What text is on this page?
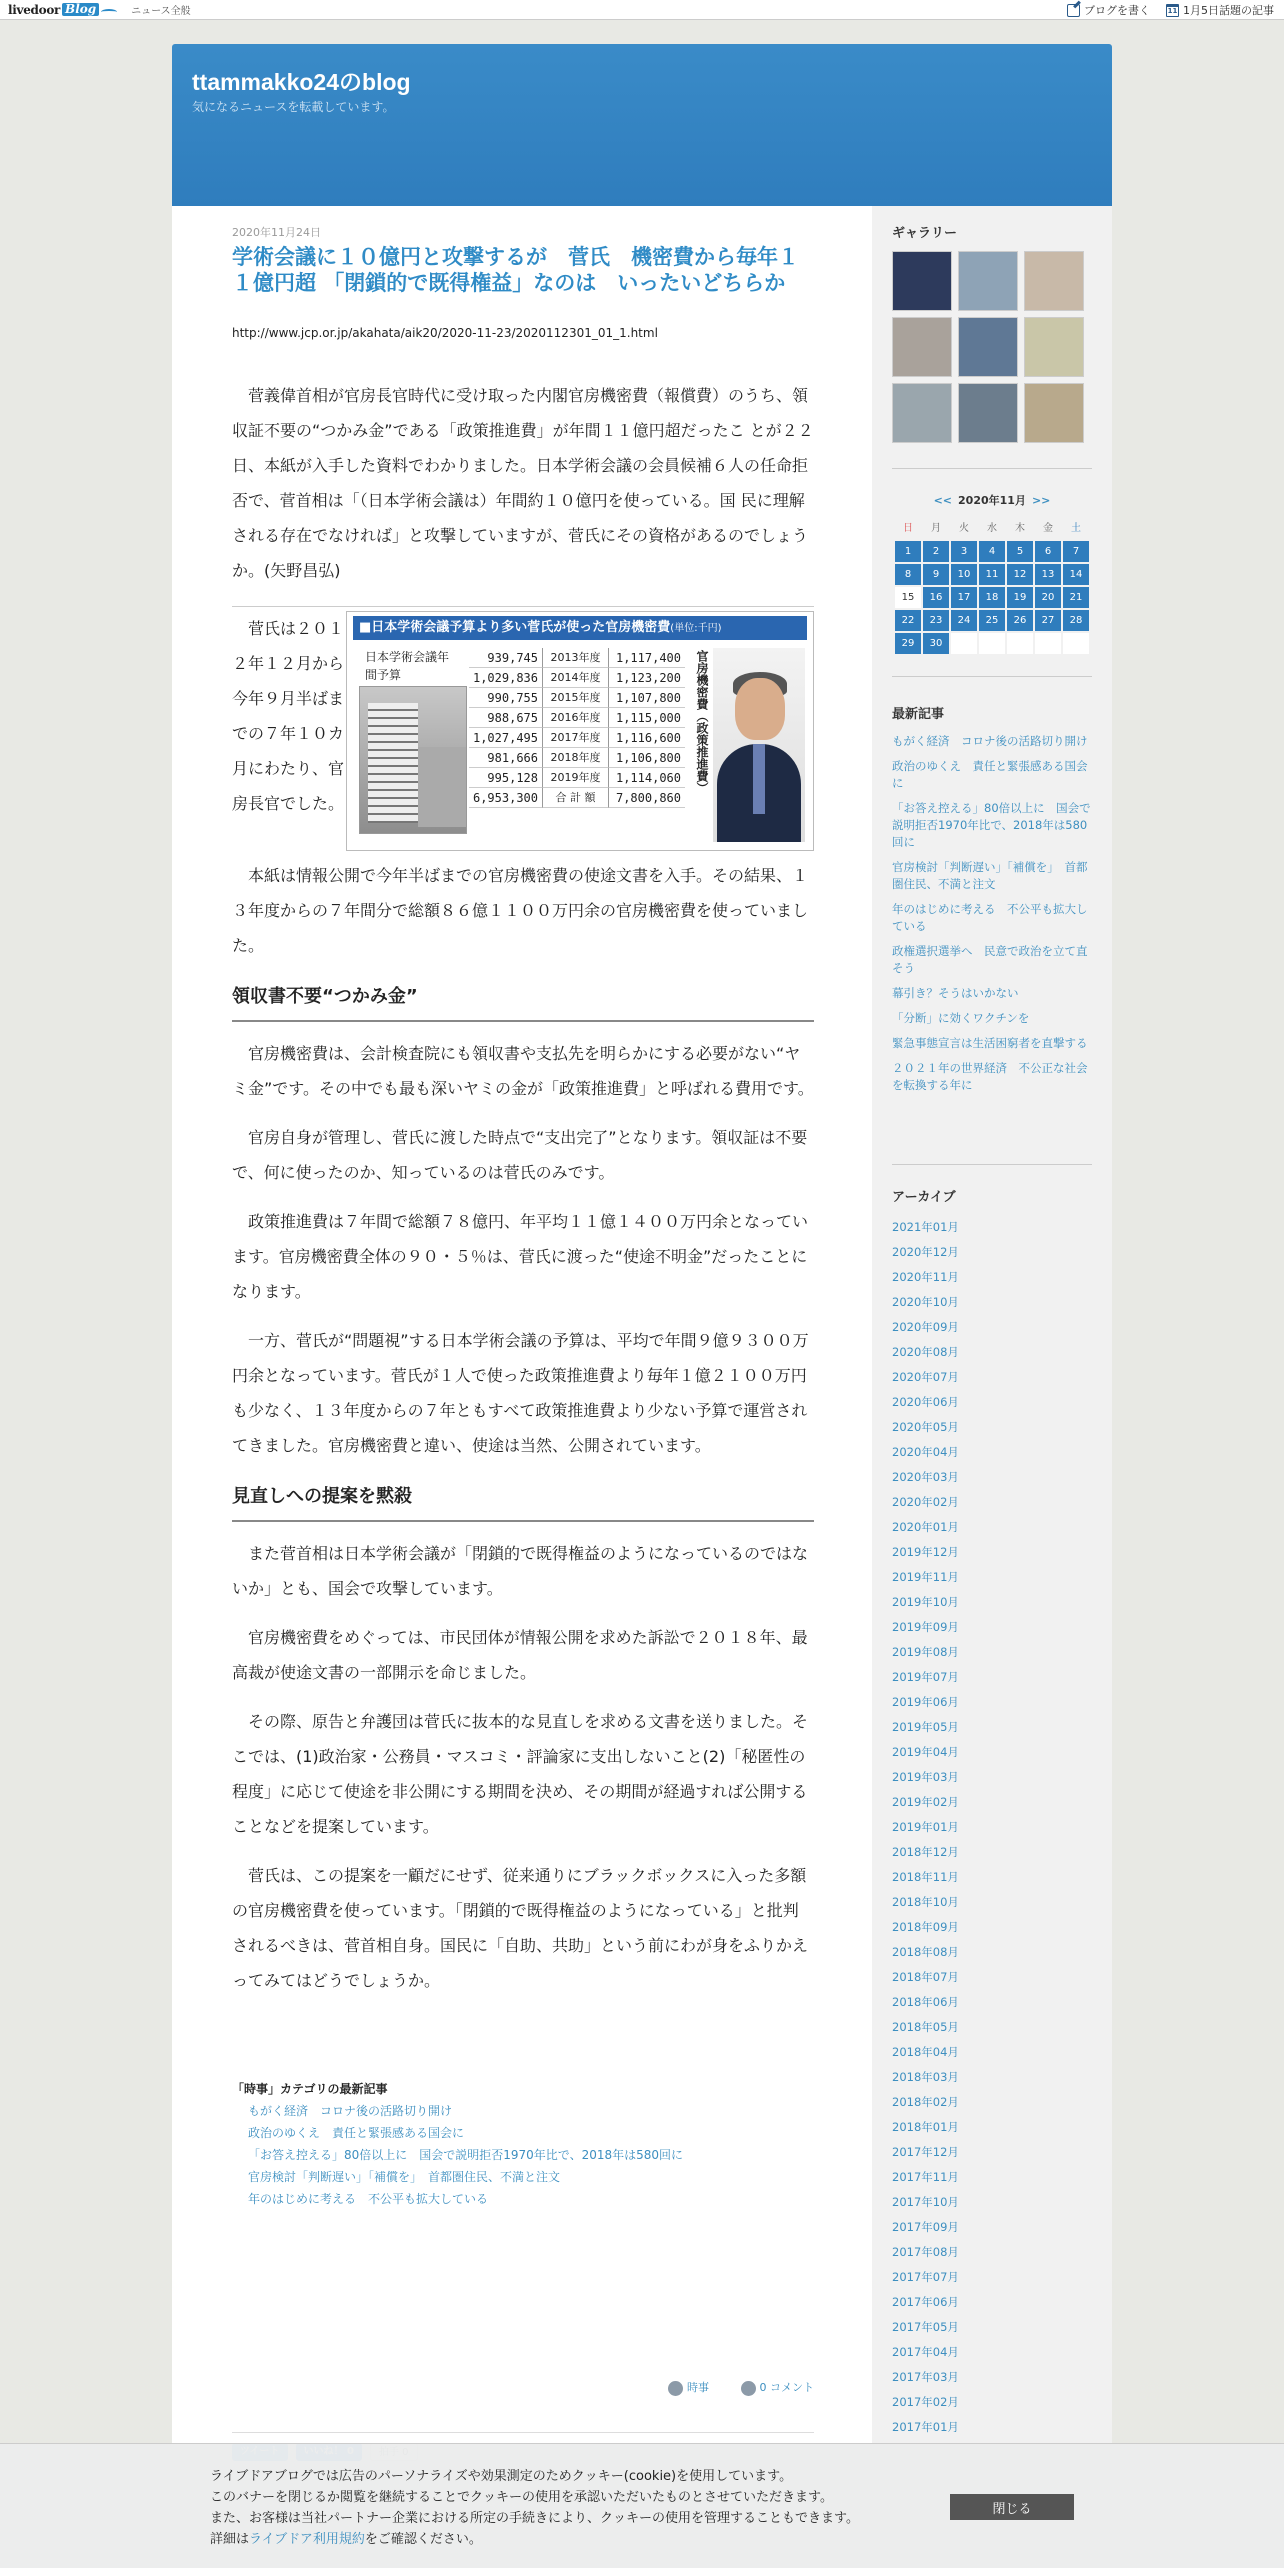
livedoor Blog	ニュース全般	ブログを書く	11 1月5日話題の記事
ttammakko24のblog

気になるニュースを転載しています。

2020年11月24日
学術会議に１０億円と攻撃するが　菅氏　機密費から毎年１１億円超 「閉鎖的で既得権益」なのは　いったいどちらか
http://www.jcp.or.jp/akahata/aik20/2020-11-23/2020112301_01_1.html

菅義偉首相が官房長官時代に受け取った内閣官房機密費（報償費）のうち、領収証不要の“つかみ金”である「政策推進費」が年間１１億円超だったこ とが２２日、本紙が入手した資料でわかりました。日本学術会議の会員候補６人の任命拒否で、菅首相は「（日本学術会議は）年間約１０億円を使っている。国 民に理解される存在でなければ」と攻撃していますが、菅氏にその資格があるのでしょうか。(矢野昌弘)

菅氏は２０１２年１２月から今年９月半ばまでの７年１０カ月にわたり、官房長官でした。

■日本学術会議予算より多い菅氏が使った官房機密費(単位:千円)
日本学術会議年間予算
939,745	2013年度	1,117,400
1,029,836	2014年度	1,123,200
990,755	2015年度	1,107,800
988,675	2016年度	1,115,000
1,027,495	2017年度	1,116,600
981,666	2018年度	1,106,800
995,128	2019年度	1,114,060
6,953,300	合 計 額	7,800,860
官房機密費（政策推進費）

本紙は情報公開で今年半ばまでの官房機密費の使途文書を入手。その結果、１３年度からの７年間分で総額８６億１１００万円余の官房機密費を使っていました。

領収書不要“つかみ金”

官房機密費は、会計検査院にも領収書や支払先を明らかにする必要がない“ヤミ金”です。その中でも最も深いヤミの金が「政策推進費」と呼ばれる費用です。

官房自身が管理し、菅氏に渡した時点で“支出完了”となります。領収証は不要で、何に使ったのか、知っているのは菅氏のみです。

政策推進費は７年間で総額７８億円、年平均１１億１４００万円余となっています。官房機密費全体の９０・５％は、菅氏に渡った“使途不明金”だったことになります。

一方、菅氏が“問題視”する日本学術会議の予算は、平均で年間９億９３００万円余となっています。菅氏が１人で使った政策推進費より毎年１億２１００万円も少なく、１３年度からの７年ともすべて政策推進費より少ない予算で運営されてきました。官房機密費と違い、使途は当然、公開されています。

見直しへの提案を黙殺

また菅首相は日本学術会議が「閉鎖的で既得権益のようになっているのではないか」とも、国会で攻撃しています。

官房機密費をめぐっては、市民団体が情報公開を求めた訴訟で２０１８年、最高裁が使途文書の一部開示を命じました。

その際、原告と弁護団は菅氏に抜本的な見直しを求める文書を送りました。そこでは、(1)政治家・公務員・マスコミ・評論家に支出しないこと(2)「秘匿性の程度」に応じて使途を非公開にする期間を決め、その期間が経過すれば公開することなどを提案しています。

菅氏は、この提案を一顧だにせず、従来通りにブラックボックスに入った多額の官房機密費を使っています。「閉鎖的で既得権益のようになっている」と批判されるべきは、菅首相自身。国民に「自助、共助」という前にわが身をふりかえってみてはどうでしょうか。

「時事」カテゴリの最新記事
もがく経済　コロナ後の活路切り開け
政治のゆくえ　責任と緊張感ある国会に
「お答え控える」80倍以上に　国会で説明拒否1970年比で、2018年は580回に
官房検討「判断遅い」「補償を」　首都圏住民、不満と注文
年のはじめに考える　不公平も拡大している
時事	0 コメント
ギャラリー
<< 2020年11月 >>
日	月	火	水	木	金	土
1	2	3	4	5	6	7
8	9	10	11	12	13	14
15	16	17	18	19	20	21
22	23	24	25	26	27	28
29	30
最新記事
もがく経済　コロナ後の活路切り開け
政治のゆくえ　責任と緊張感ある国会に
「お答え控える」80倍以上に　国会で説明拒否1970年比で、2018年は580回に
官房検討「判断遅い」「補償を」　首都圏住民、不満と注文
年のはじめに考える　不公平も拡大している
政権選択選挙へ　民意で政治を立て直そう
幕引き？そうはいかない
「分断」に効くワクチンを
緊急事態宣言は生活困窮者を直撃する
２０２１年の世界経済　不公正な社会を転換する年に
アーカイブ
2021年01月
2020年12月
2020年11月
2020年10月
2020年09月
2020年08月
2020年07月
2020年06月
2020年05月
2020年04月
2020年03月
2020年02月
2020年01月
2019年12月
2019年11月
2019年10月
2019年09月
2019年08月
2019年07月
2019年06月
2019年05月
2019年04月
2019年03月
2019年02月
2019年01月
2018年12月
2018年11月
2018年10月
2018年09月
2018年08月
2018年07月
2018年06月
2018年05月
2018年04月
2018年03月
2018年02月
2018年01月
2017年12月
2017年11月
2017年10月
2017年09月
2017年08月
2017年07月
2017年06月
2017年05月
2017年04月
2017年03月
2017年02月
2017年01月
ライブドアブログでは広告のパーソナライズや効果測定のためクッキー(cookie)を使用しています。
このバナーを閉じるか閲覧を継続することでクッキーの使用を承認いただいたものとさせていただきます。
また、お客様は当社パートナー企業における所定の手続きにより、クッキーの使用を管理することもできます。
詳細はライブドア利用規約をご確認ください。
閉じる
